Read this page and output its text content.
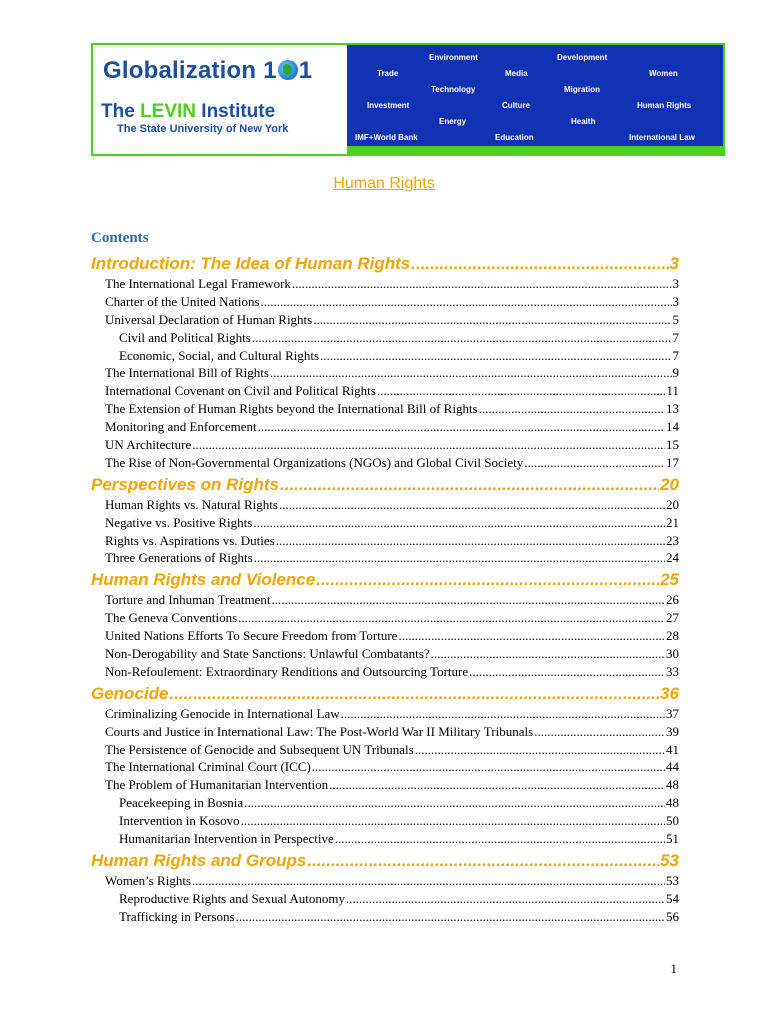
Globalization 1 1
The LEVIN Institute
The State University of New York
Environment	Development
Trade	Media	Women
Technology	Migration
Investment	Culture	Human Rights
Energy	Health
IMF+World Bank	Education	International Law
Human Rights
Contents
Introduction: The Idea of Human Rights .....	3
The International Legal Framework .....	3
Charter of the United Nations .....	3
Universal Declaration of Human Rights .....	5
Civil and Political Rights .....	7
Economic, Social, and Cultural Rights .....	7
The International Bill of Rights .....	9
International Covenant on Civil and Political Rights .....	11
The Extension of Human Rights beyond the International Bill of Rights .....	13
Monitoring and Enforcement .....	14
UN Architecture .....	15
The Rise of Non-Governmental Organizations (NGOs) and Global Civil Society .....	17
Perspectives on Rights .....	20
Human Rights vs. Natural Rights .....	20
Negative vs. Positive Rights .....	21
Rights vs. Aspirations vs. Duties .....	23
Three Generations of Rights .....	24
Human Rights and Violence .....	25
Torture and Inhuman Treatment .....	26
The Geneva Conventions .....	27
United Nations Efforts To Secure Freedom from Torture .....	28
Non-Derogability and State Sanctions: Unlawful Combatants? .....	30
Non-Refoulement: Extraordinary Renditions and Outsourcing Torture .....	33
Genocide .....	36
Criminalizing Genocide in International Law .....	37
Courts and Justice in International Law: The Post-World War II Military Tribunals .....	39
The Persistence of Genocide and Subsequent UN Tribunals .....	41
The International Criminal Court (ICC) .....	44
The Problem of Humanitarian Intervention .....	48
Peacekeeping in Bosnia .....	48
Intervention in Kosovo .....	50
Humanitarian Intervention in Perspective .....	51
Human Rights and Groups .....	53
Women’s Rights .....	53
Reproductive Rights and Sexual Autonomy .....	54
Trafficking in Persons .....	56
1
